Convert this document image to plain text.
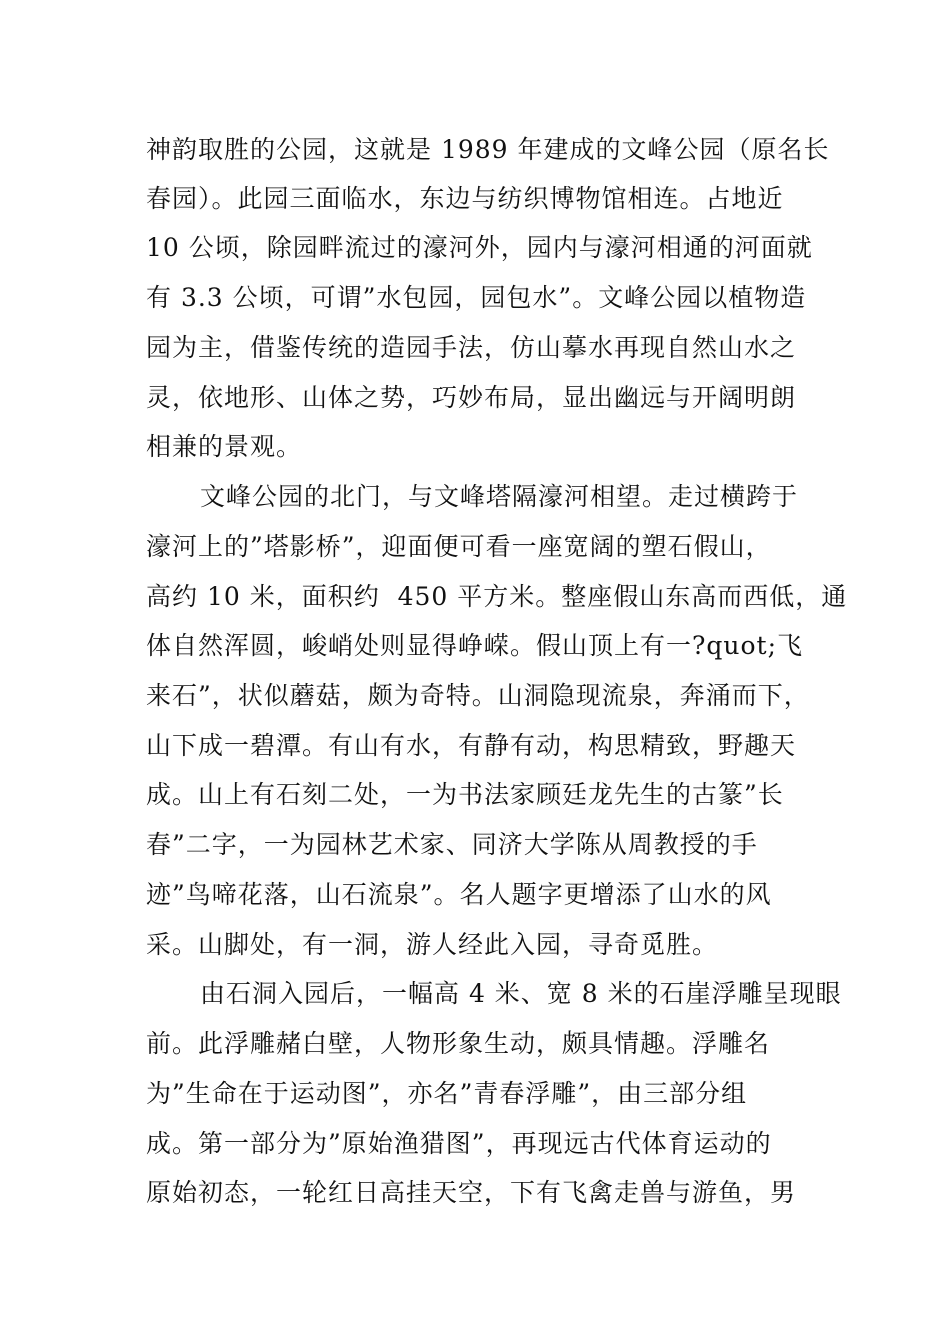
神韵取胜的公园，这就是 1989 年建成的文峰公园（原名长
春园）。此园三面临水，东边与纺织博物馆相连。占地近
10 公顷，除园畔流过的濠河外，园内与濠河相通的河面就
有 3.3 公顷，可谓”水包园，园包水”。文峰公园以植物造
园为主，借鉴传统的造园手法，仿山摹水再现自然山水之
灵，依地形、山体之势，巧妙布局，显出幽远与开阔明朗
相兼的景观。
文峰公园的北门，与文峰塔隔濠河相望。走过横跨于
濠河上的”塔影桥”，迎面便可看一座宽阔的塑石假山，
高约 10 米，面积约  450 平方米。整座假山东高而西低，通
体自然浑圆，峻峭处则显得峥嵘。假山顶上有一?quot;飞
来石”，状似蘑菇，颇为奇特。山洞隐现流泉，奔涌而下，
山下成一碧潭。有山有水，有静有动，构思精致，野趣天
成。山上有石刻二处，一为书法家顾廷龙先生的古篆”长
春”二字，一为园林艺术家、同济大学陈从周教授的手
迹”鸟啼花落，山石流泉”。名人题字更增添了山水的风
采。山脚处，有一洞，游人经此入园，寻奇觅胜。
由石洞入园后，一幅高 4 米、宽 8 米的石崖浮雕呈现眼
前。此浮雕赭白壁，人物形象生动，颇具情趣。浮雕名
为”生命在于运动图”，亦名”青春浮雕”，由三部分组
成。第一部分为”原始渔猎图”，再现远古代体育运动的
原始初态，一轮红日高挂天空，下有飞禽走兽与游鱼，男
